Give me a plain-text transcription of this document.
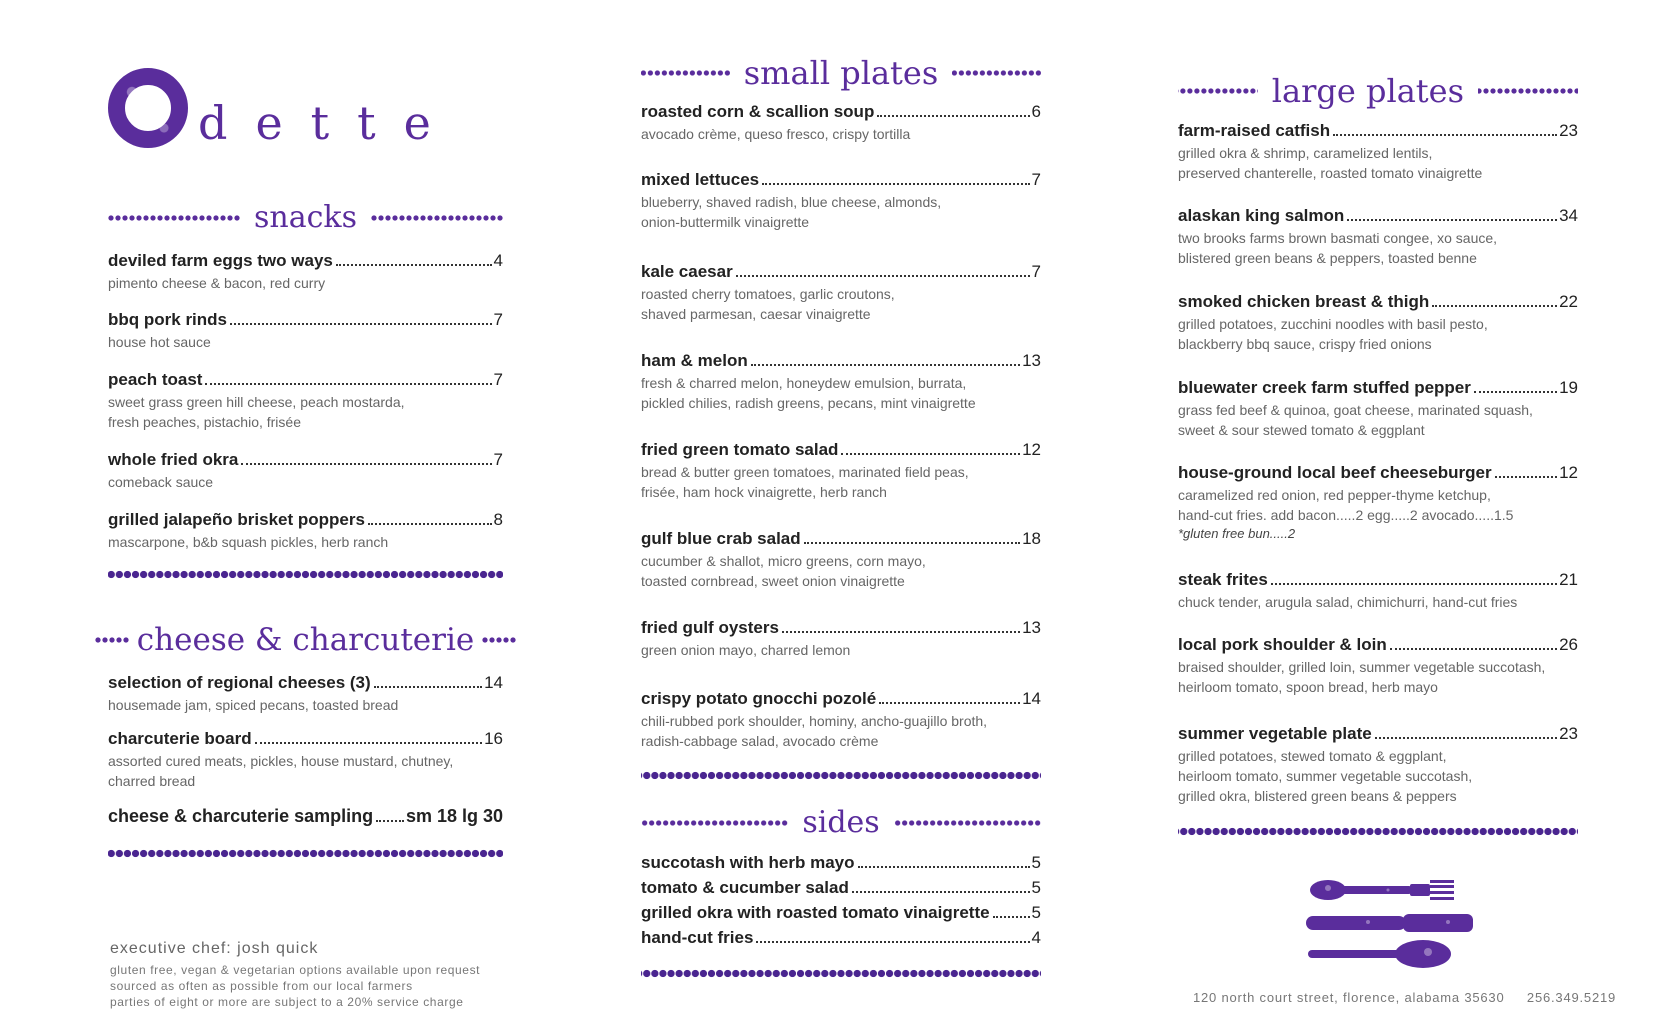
dette
snacks
deviled farm eggs two ways	4
pimento cheese & bacon, red curry
bbq pork rinds	7
house hot sauce
peach toast	7
sweet grass green hill cheese, peach mostarda,
fresh peaches, pistachio, frisée
whole fried okra	7
comeback sauce
grilled jalapeño brisket poppers	8
mascarpone, b&b squash pickles, herb ranch
cheese & charcuterie
selection of regional cheeses (3)	14
housemade jam, spiced pecans, toasted bread
charcuterie board	16
assorted cured meats, pickles, house mustard, chutney,
charred bread
cheese & charcuterie sampling sm 18 lg 30
executive chef: josh quick
gluten free, vegan & vegetarian options available upon request
sourced as often as possible from our local farmers
parties of eight or more are subject to a 20% service charge
small plates
roasted corn & scallion soup	6
avocado crème, queso fresco, crispy tortilla
mixed lettuces	7
blueberry, shaved radish, blue cheese, almonds,
onion-buttermilk vinaigrette
kale caesar	7
roasted cherry tomatoes, garlic croutons,
shaved parmesan, caesar vinaigrette
ham & melon	13
fresh & charred melon, honeydew emulsion, burrata,
pickled chilies, radish greens, pecans, mint vinaigrette
fried green tomato salad	12
bread & butter green tomatoes, marinated field peas,
frisée, ham hock vinaigrette, herb ranch
gulf blue crab salad	18
cucumber & shallot, micro greens, corn mayo,
toasted cornbread, sweet onion vinaigrette
fried gulf oysters	13
green onion mayo, charred lemon
crispy potato gnocchi pozolé	14
chili-rubbed pork shoulder, hominy, ancho-guajillo broth,
radish-cabbage salad, avocado crème
sides
succotash with herb mayo	5
tomato & cucumber salad	5
grilled okra with roasted tomato vinaigrette 5
hand-cut fries	4
large plates
farm-raised catfish	23
grilled okra & shrimp, caramelized lentils,
preserved chanterelle, roasted tomato vinaigrette
alaskan king salmon	34
two brooks farms brown basmati congee, xo sauce,
blistered green beans & peppers, toasted benne
smoked chicken breast & thigh	22
grilled potatoes, zucchini noodles with basil pesto,
blackberry bbq sauce, crispy fried onions
bluewater creek farm stuffed pepper	19
grass fed beef & quinoa, goat cheese, marinated squash,
sweet & sour stewed tomato & eggplant
house-ground local beef cheeseburger	12
caramelized red onion, red pepper-thyme ketchup,
hand-cut fries. add bacon.....2 egg.....2 avocado.....1.5
*gluten free bun.....2
steak frites	21
chuck tender, arugula salad, chimichurri, hand-cut fries
local pork shoulder & loin	26
braised shoulder, grilled loin, summer vegetable succotash,
heirloom tomato, spoon bread, herb mayo
summer vegetable plate	23
grilled potatoes, stewed tomato & eggplant,
heirloom tomato, summer vegetable succotash,
grilled okra, blistered green beans & peppers
120 north court street, florence, alabama 35630 256.349.5219
